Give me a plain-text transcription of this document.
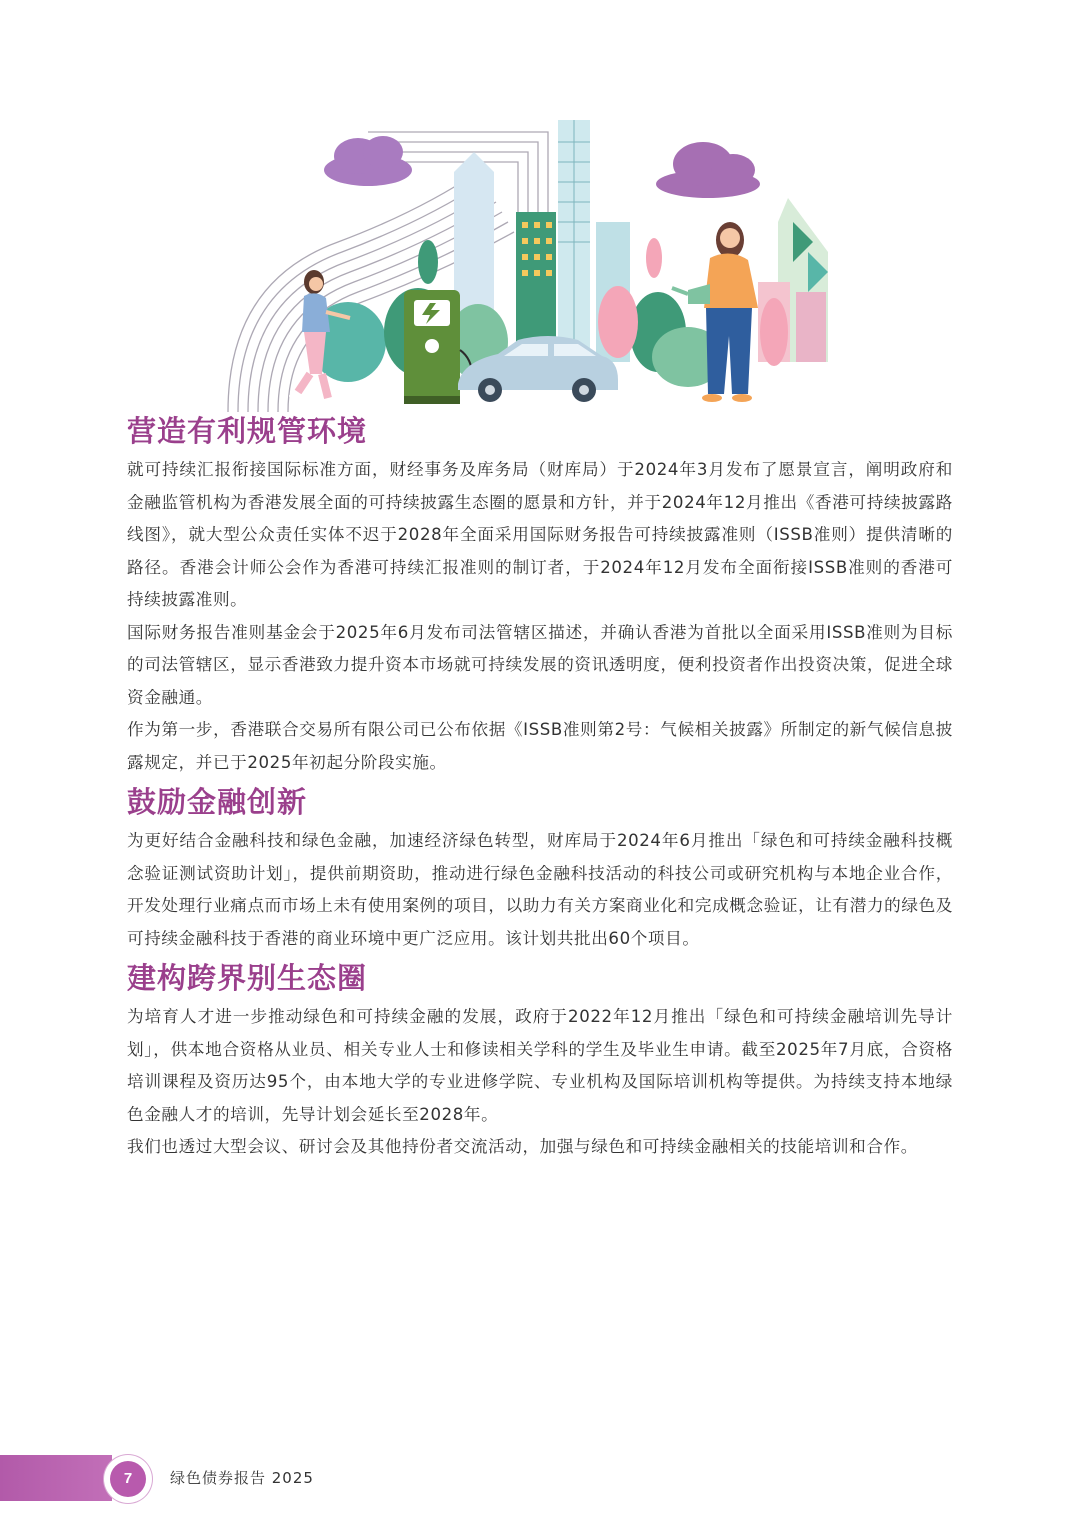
营造有利规管环境

就可持续汇报衔接国际标准方面，财经事务及库务局（财库局）于2024年3月发布了愿景宣言，阐明政府和金融监管机构为香港发展全面的可持续披露生态圈的愿景和方针，并于2024年12月推出《香港可持续披露路线图》，就大型公众责任实体不迟于2028年全面采用国际财务报告可持续披露准则（ISSB准则）提供清晰的路径。香港会计师公会作为香港可持续汇报准则的制订者，于2024年12月发布全面衔接ISSB准则的香港可持续披露准则。

国际财务报告准则基金会于2025年6月发布司法管辖区描述，并确认香港为首批以全面采用ISSB准则为目标的司法管辖区，显示香港致力提升资本市场就可持续发展的资讯透明度，便利投资者作出投资决策，促进全球资金融通。

作为第一步，香港联合交易所有限公司已公布依据《ISSB准则第2号：气候相关披露》所制定的新气候信息披露规定，并已于2025年初起分阶段实施。

鼓励金融创新

为更好结合金融科技和绿色金融，加速经济绿色转型，财库局于2024年6月推出「绿色和可持续金融科技概念验证测试资助计划」，提供前期资助，推动进行绿色金融科技活动的科技公司或研究机构与本地企业合作，开发处理行业痛点而市场上未有使用案例的项目，以助力有关方案商业化和完成概念验证，让有潜力的绿色及可持续金融科技于香港的商业环境中更广泛应用。该计划共批出60个项目。

建构跨界别生态圈

为培育人才进一步推动绿色和可持续金融的发展，政府于2022年12月推出「绿色和可持续金融培训先导计划」，供本地合资格从业员、相关专业人士和修读相关学科的学生及毕业生申请。截至2025年7月底，合资格培训课程及资历达95个，由本地大学的专业进修学院、专业机构及国际培训机构等提供。为持续支持本地绿色金融人才的培训，先导计划会延长至2028年。

我们也透过大型会议、研讨会及其他持份者交流活动，加强与绿色和可持续金融相关的技能培训和合作。

7	绿色债券报告 2025
